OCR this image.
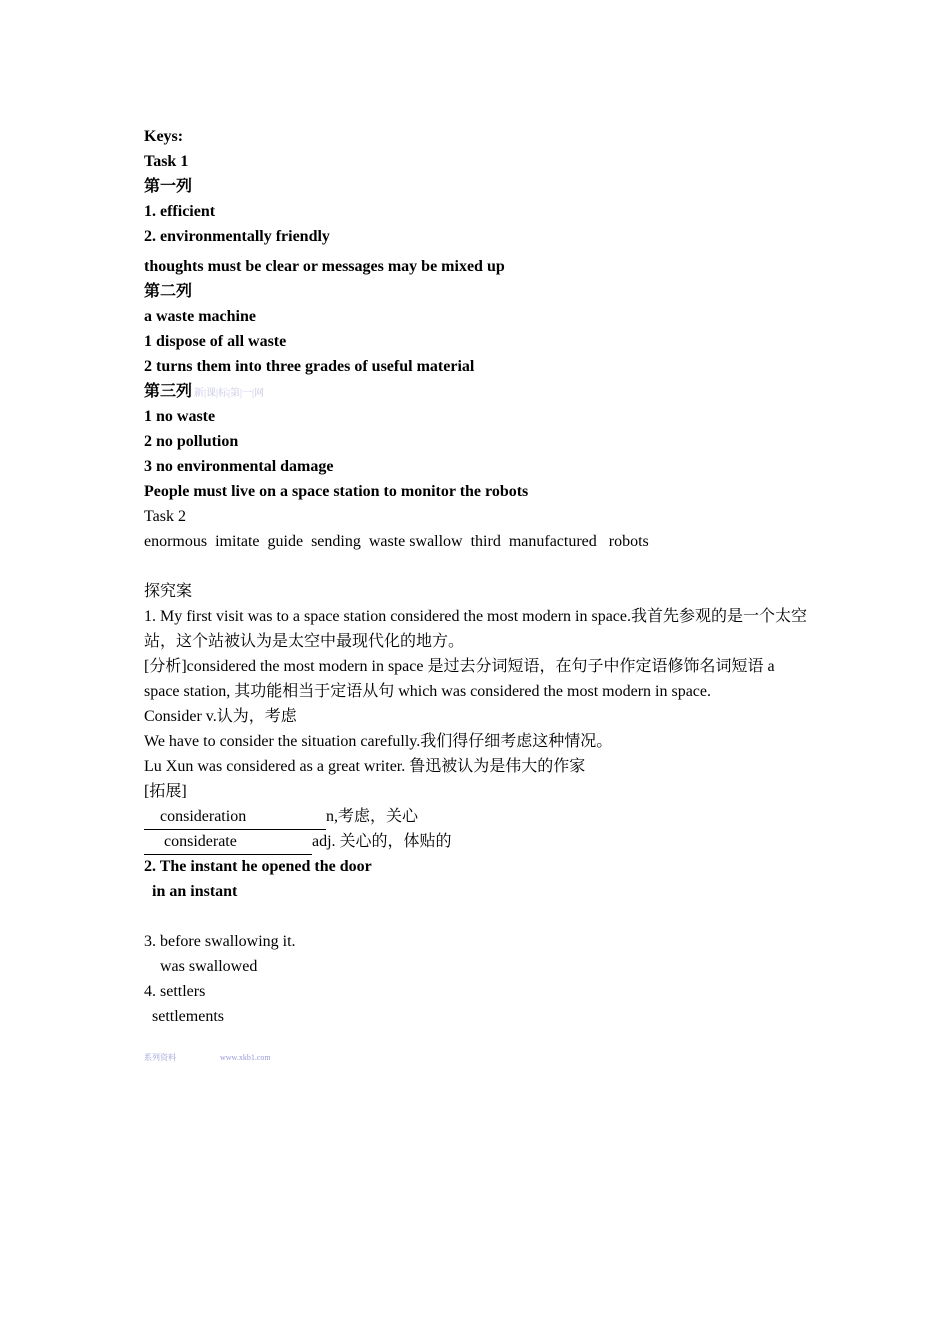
Keys:
Task 1
第一列
1. efficient
2. environmentally friendly
thoughts must be clear or messages may be mixed up
第二列
a waste machine
1 dispose of all waste
2 turns them into three grades of useful material
第三列 新|课|标|第|一|网
1 no waste
2 no pollution
3 no environmental damage
People must live on a space station to monitor the robots
Task 2
enormous  imitate  guide  sending  waste swallow  third  manufactured   robots
探究案
1. My first visit was to a space station considered the most modern in space.我首先参观的是一个太空站，这个站被认为是太空中最现代化的地方。
[分析]considered the most modern in space 是过去分词短语，在句子中作定语修饰名词短语 a space station, 其功能相当于定语从句 which was considered the most modern in space.
Consider v.认为，考虑
We have to consider the situation carefully.我们得仔细考虑这种情况。
Lu Xun was considered as a great writer. 鲁迅被认为是伟大的作家
[拓展]
consideration	n,考虑，关心
considerate	adj. 关心的，体贴的
2. The instant he opened the door
in an instant
3. before swallowing it.
was swallowed
4. settlers
settlements
系列资料	www.xkb1.com
